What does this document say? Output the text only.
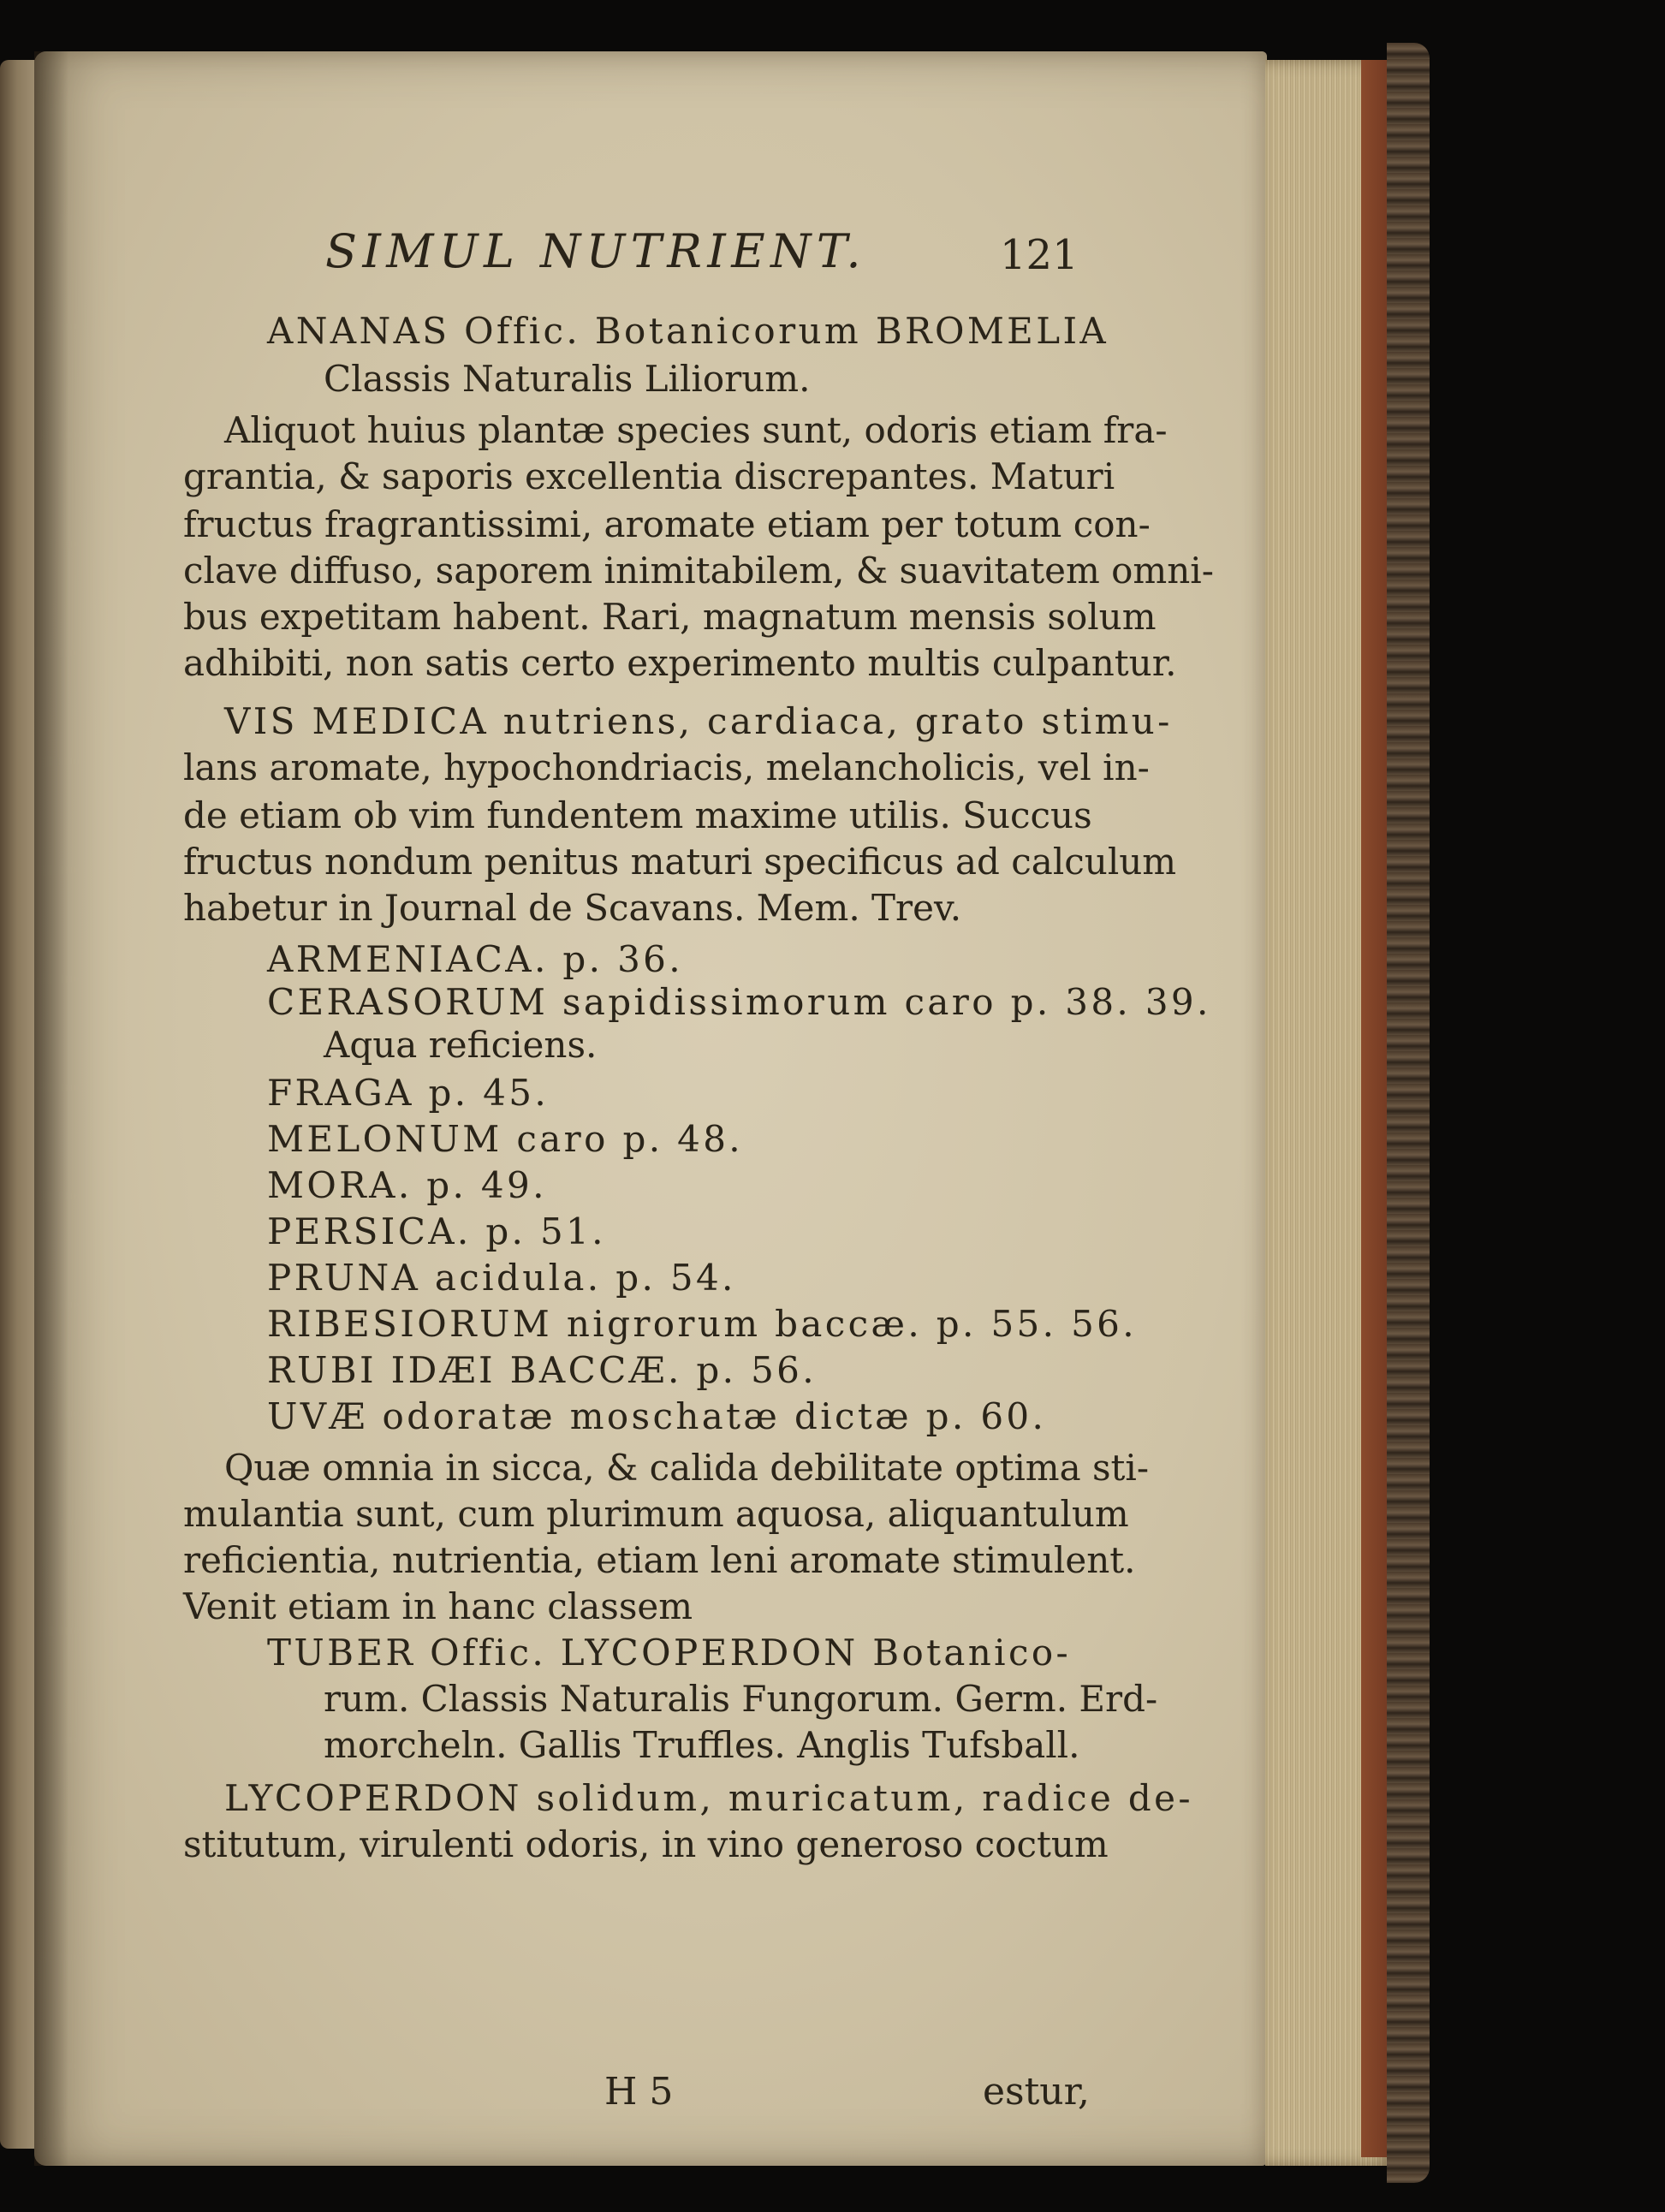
SIMUL NUTRIENT.	121
ANANAS Offic. Botanicorum BROMELIA
Classis Naturalis Liliorum.
Aliquot huius plantæ species sunt, odoris etiam fra-
grantia, & saporis excellentia discrepantes. Maturi
fructus fragrantissimi, aromate etiam per totum con-
clave diffuso, saporem inimitabilem, & suavitatem omni-
bus expetitam habent. Rari, magnatum mensis solum
adhibiti, non satis certo experimento multis culpantur.
VIS MEDICA nutriens, cardiaca, grato stimu-
lans aromate, hypochondriacis, melancholicis, vel in-
de etiam ob vim fundentem maxime utilis. Succus
fructus nondum penitus maturi specificus ad calculum
habetur in Journal de Scavans. Mem. Trev.
ARMENIACA. p. 36.
CERASORUM sapidissimorum caro p. 38. 39.
Aqua reficiens.
FRAGA p. 45.
MELONUM caro p. 48.
MORA. p. 49.
PERSICA. p. 51.
PRUNA acidula. p. 54.
RIBESIORUM nigrorum baccæ. p. 55. 56.
RUBI IDÆI BACCÆ. p. 56.
UVÆ odoratæ moschatæ dictæ p. 60.
Quæ omnia in sicca, & calida debilitate optima sti-
mulantia sunt, cum plurimum aquosa, aliquantulum
reficientia, nutrientia, etiam leni aromate stimulent.
Venit etiam in hanc classem
TUBER Offic. LYCOPERDON Botanico-
rum. Classis Naturalis Fungorum. Germ. Erd-
morcheln. Gallis Truffles. Anglis Tufsball.
LYCOPERDON solidum, muricatum, radice de-
stitutum, virulenti odoris, in vino generoso coctum
H 5	estur,
